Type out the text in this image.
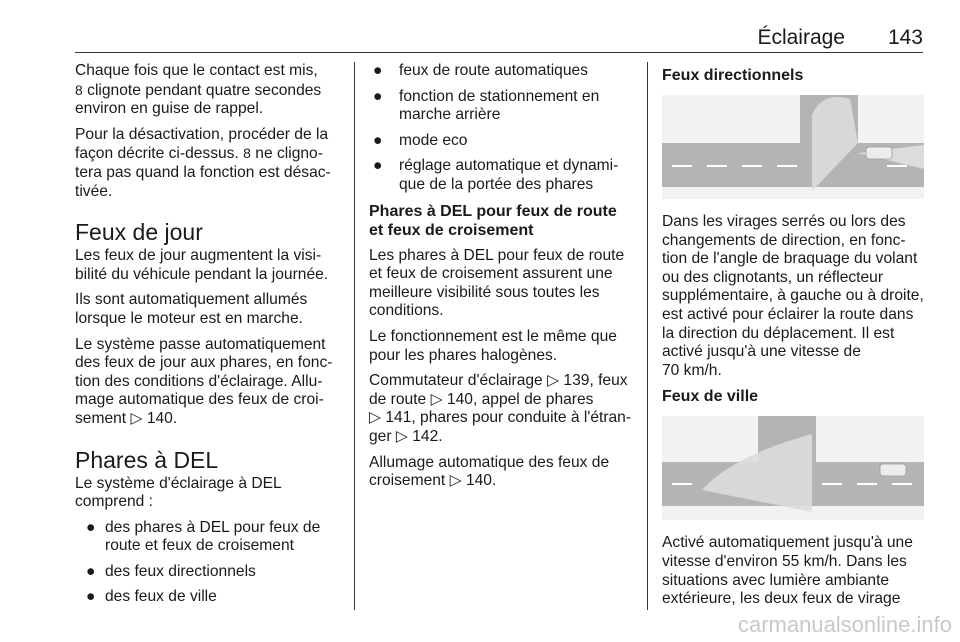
Éclairage 143

Chaque fois que le contact est mis,
8 clignote pendant quatre secondes
environ en guise de rappel.

Pour la désactivation, procéder de la
façon décrite ci-dessus. 8 ne cligno-
tera pas quand la fonction est désac-
tivée.

Feux de jour

Les feux de jour augmentent la visi-
bilité du véhicule pendant la journée.

Ils sont automatiquement allumés
lorsque le moteur est en marche.

Le système passe automatiquement
des feux de jour aux phares, en fonc-
tion des conditions d'éclairage. Allu-
mage automatique des feux de croi-
sement ▷ 140.

Phares à DEL

Le système d'éclairage à DEL
comprend :

● des phares à DEL pour feux de
route et feux de croisement
● des feux directionnels
● des feux de ville
● feux de route automatiques
● fonction de stationnement en
marche arrière
● mode eco
● réglage automatique et dynami-
que de la portée des phares
Phares à DEL pour feux de route
et feux de croisement

Les phares à DEL pour feux de route
et feux de croisement assurent une
meilleure visibilité sous toutes les
conditions.

Le fonctionnement est le même que
pour les phares halogènes.

Commutateur d'éclairage ▷ 139, feux
de route ▷ 140, appel de phares
▷ 141, phares pour conduite à l'étran-
ger ▷ 142.

Allumage automatique des feux de
croisement ▷ 140.

Feux directionnels

Dans les virages serrés ou lors des
changements de direction, en fonc-
tion de l'angle de braquage du volant
ou des clignotants, un réflecteur
supplémentaire, à gauche ou à droite,
est activé pour éclairer la route dans
la direction du déplacement. Il est
activé jusqu'à une vitesse de
70 km/h.

Feux de ville

Activé automatiquement jusqu'à une
vitesse d'environ 55 km/h. Dans les
situations avec lumière ambiante
extérieure, les deux feux de virage

carmanualsonline.info
